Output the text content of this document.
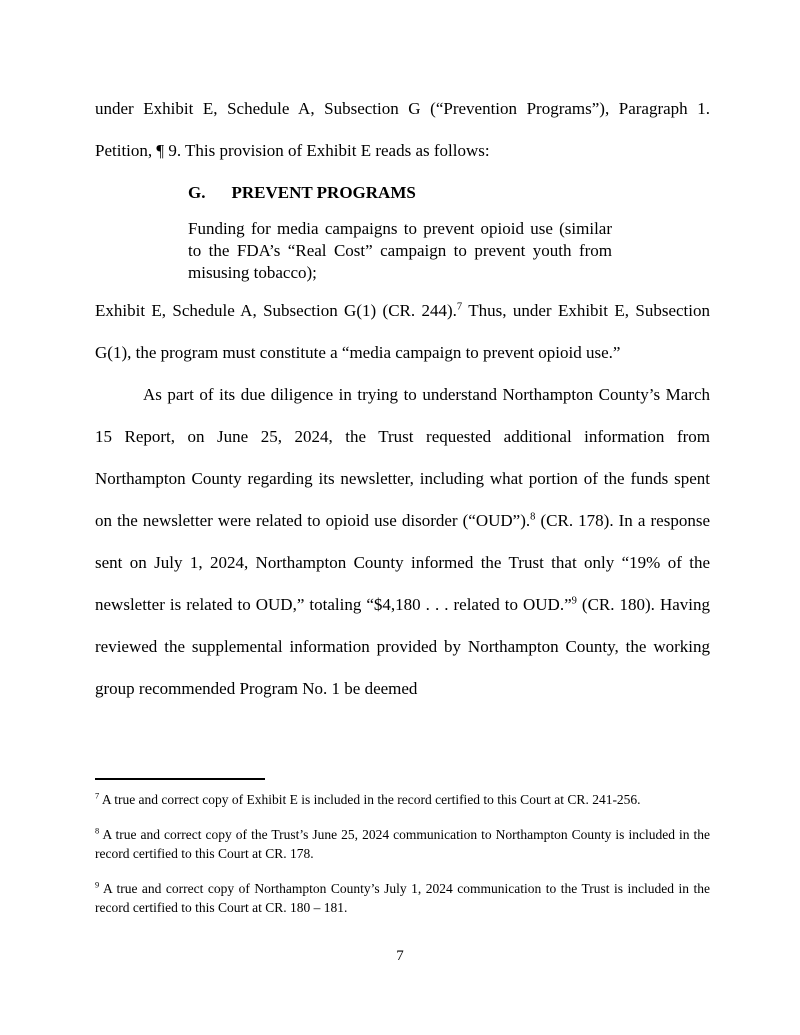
under Exhibit E, Schedule A, Subsection G (“Prevention Programs”), Paragraph 1. Petition, ¶ 9. This provision of Exhibit E reads as follows:

G. PREVENT PROGRAMS

Funding for media campaigns to prevent opioid use (similar to the FDA’s “Real Cost” campaign to prevent youth from misusing tobacco);

Exhibit E, Schedule A, Subsection G(1) (CR. 244).$^7$ Thus, under Exhibit E, Subsection G(1), the program must constitute a “media campaign to prevent opioid use.”

As part of its due diligence in trying to understand Northampton County’s March 15 Report, on June 25, 2024, the Trust requested additional information from Northampton County regarding its newsletter, including what portion of the funds spent on the newsletter were related to opioid use disorder (“OUD”).$^8$ (CR. 178). In a response sent on July 1, 2024, Northampton County informed the Trust that only “19% of the newsletter is related to OUD,” totaling “$4,180 . . . related to OUD.”$^9$ (CR. 180). Having reviewed the supplemental information provided by Northampton County, the working group recommended Program No. 1 be deemed

$^7$ A true and correct copy of Exhibit E is included in the record certified to this Court at CR. 241-256.
$^8$ A true and correct copy of the Trust’s June 25, 2024 communication to Northampton County is included in the record certified to this Court at CR. 178.
$^9$ A true and correct copy of Northampton County’s July 1, 2024 communication to the Trust is included in the record certified to this Court at CR. 180 – 181.
7
